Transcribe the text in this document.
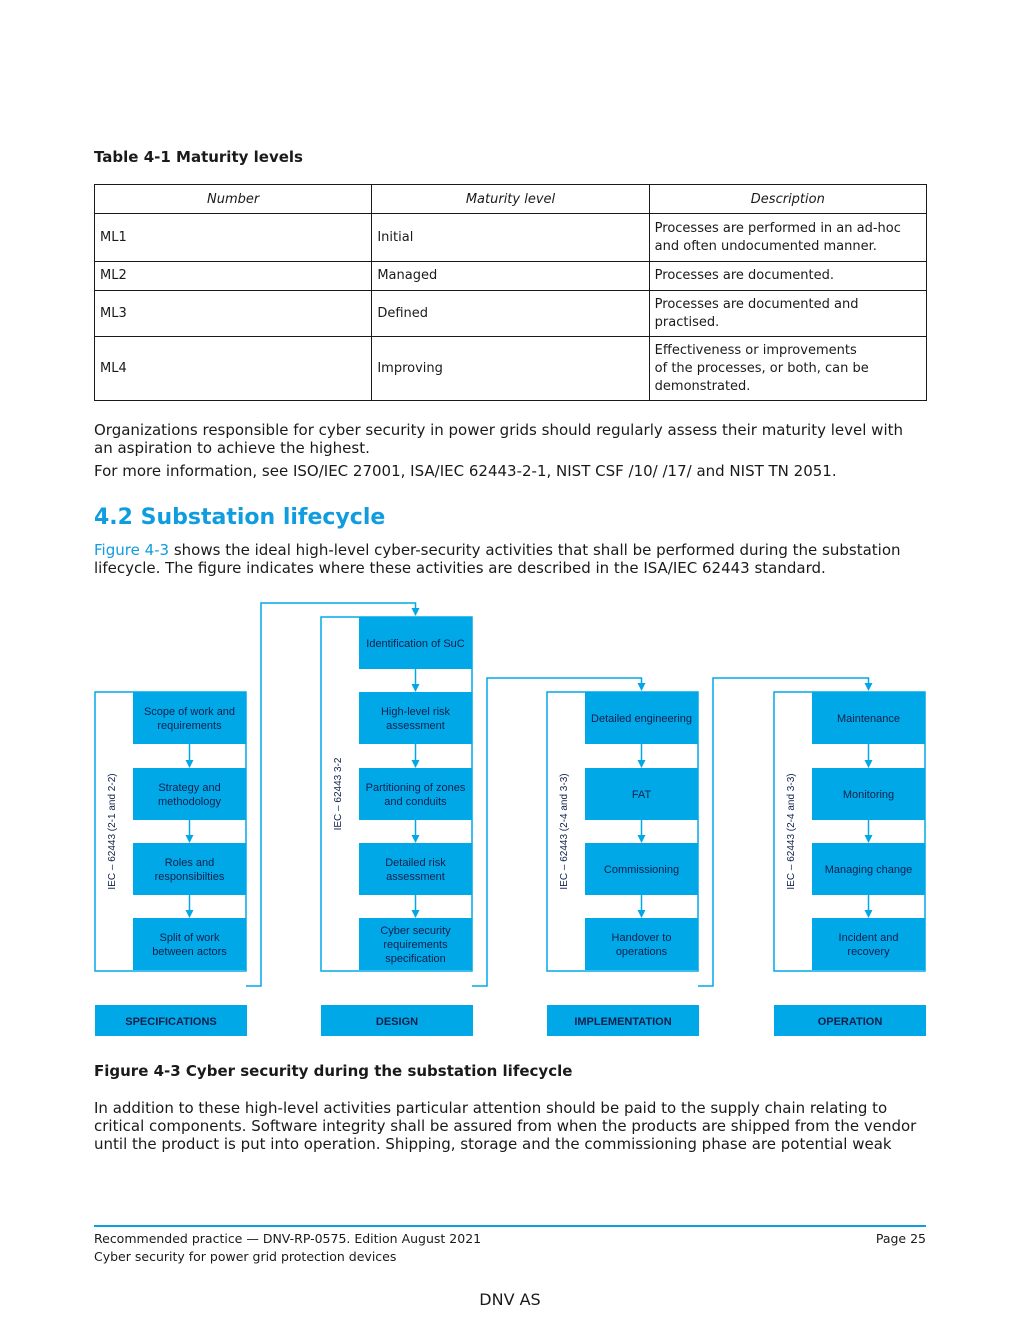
Table 4-1 Maturity levels
Number	Maturity level	Description
ML1	Initial	Processes are performed in an ad-hoc
and often undocumented manner.

ML2	Managed	Processes are documented.

ML3	Defined	Processes are documented and
practised.

ML4	Improving	Effectiveness or improvements
of the processes, or both, can be
demonstrated.
Organizations responsible for cyber security in power grids should regularly assess their maturity level with
an aspiration to achieve the highest.
For more information, see ISO/IEC 27001, ISA/IEC 62443-2-1, NIST CSF /10/ /17/ and NIST TN 2051.
4.2 Substation lifecycle
Figure 4-3 shows the ideal high-level cyber-security activities that shall be performed during the substation
lifecycle. The figure indicates where these activities are described in the ISA/IEC 62443 standard.
IEC – 62443 (2-1 and 2-2)
Scope of work and
requirements
Strategy and
methodology
Roles and
responsibilties
Split of work
between actors
SPECIFICATIONS
IEC – 62443 3-2
Identification of SuC
High-level risk
assessment
Partitioning of zones
and conduits
Detailed risk
assessment
Cyber security
requirements
specification
DESIGN
IEC – 62443 (2-4 and 3-3)
Detailed engineering
FAT
Commissioning
Handover to
operations
IMPLEMENTATION
IEC – 62443 (2-4 and 3-3)
Maintenance
Monitoring
Managing change
Incident and
recovery
OPERATION
Figure 4-3 Cyber security during the substation lifecycle
In addition to these high-level activities particular attention should be paid to the supply chain relating to
critical components. Software integrity shall be assured from when the products are shipped from the vendor
until the product is put into operation. Shipping, storage and the commissioning phase are potential weak
Recommended practice — DNV-RP-0575. Edition August 2021
Cyber security for power grid protection devices
Page 25
DNV AS
